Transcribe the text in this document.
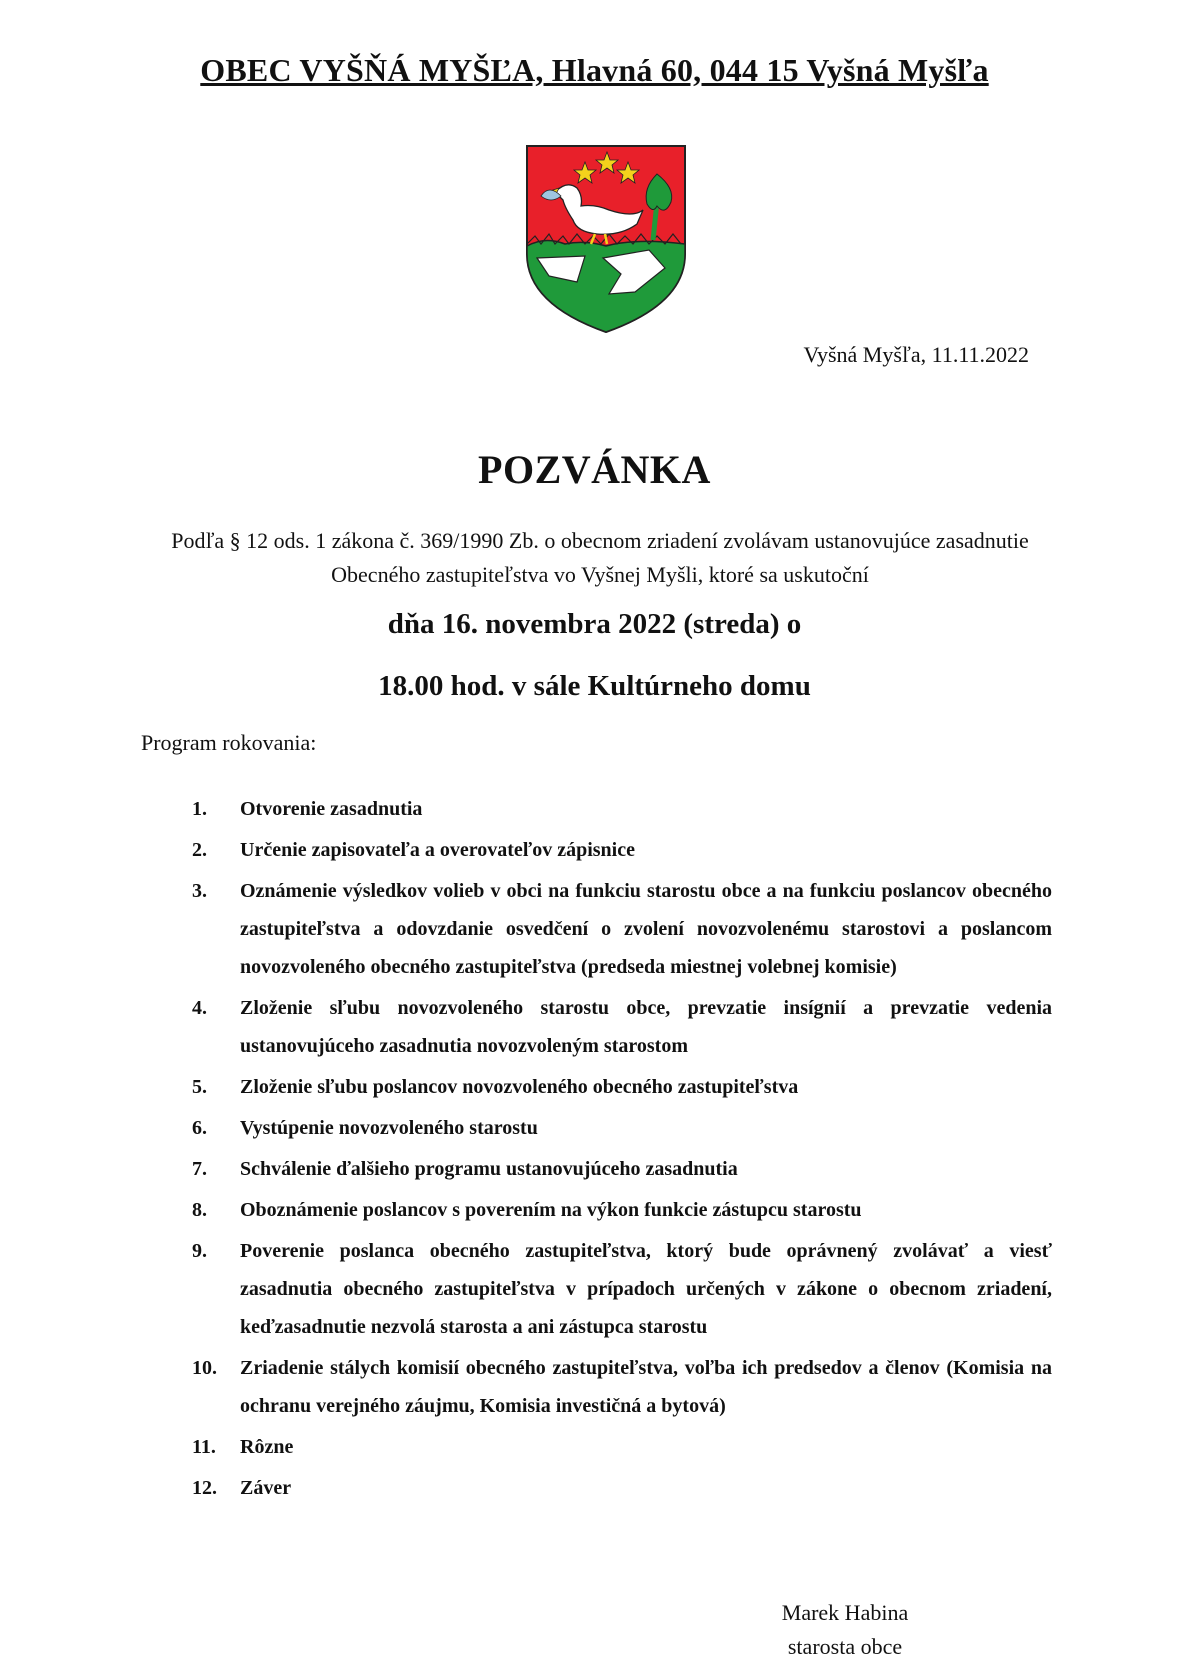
OBEC VYŠŇÁ MYŠĽA, Hlavná 60, 044 15 Vyšná Myšľa
Vyšná Myšľa, 11.11.2022
POZVÁNKA
Podľa § 12 ods. 1 zákona č. 369/1990 Zb. o obecnom zriadení zvolávam ustanovujúce zasadnutie Obecného zastupiteľstva vo Vyšnej Myšli, ktoré sa uskutoční
dňa 16. novembra 2022 (streda) o
18.00 hod. v sále Kultúrneho domu
Program rokovania:
1.	Otvorenie zasadnutia
2.	Určenie zapisovateľa a overovateľov zápisnice
3.	Oznámenie výsledkov volieb v obci na funkciu starostu obce a na funkciu poslancov obecného zastupiteľstva a odovzdanie osvedčení o zvolení novozvolenému starostovi a poslancom novozvoleného obecného zastupiteľstva (predseda miestnej volebnej komisie)
4.	Zloženie sľubu novozvoleného starostu obce, prevzatie insígnií a prevzatie vedenia ustanovujúceho zasadnutia novozvoleným starostom
5.	Zloženie sľubu poslancov novozvoleného obecného zastupiteľstva
6.	Vystúpenie novozvoleného starostu
7.	Schválenie ďalšieho programu ustanovujúceho zasadnutia
8.	Oboznámenie poslancov s poverením na výkon funkcie zástupcu starostu
9.	Poverenie poslanca obecného zastupiteľstva, ktorý bude oprávnený zvolávať a viesť zasadnutia obecného zastupiteľstva v prípadoch určených v zákone o obecnom zriadení, keďzasadnutie nezvolá starosta a ani zástupca starostu
10.	Zriadenie stálych komisií obecného zastupiteľstva, voľba ich predsedov a členov (Komisia na ochranu verejného záujmu, Komisia investičná a bytová)
11.	Rôzne
12.	Záver
Marek Habina
starosta obce
